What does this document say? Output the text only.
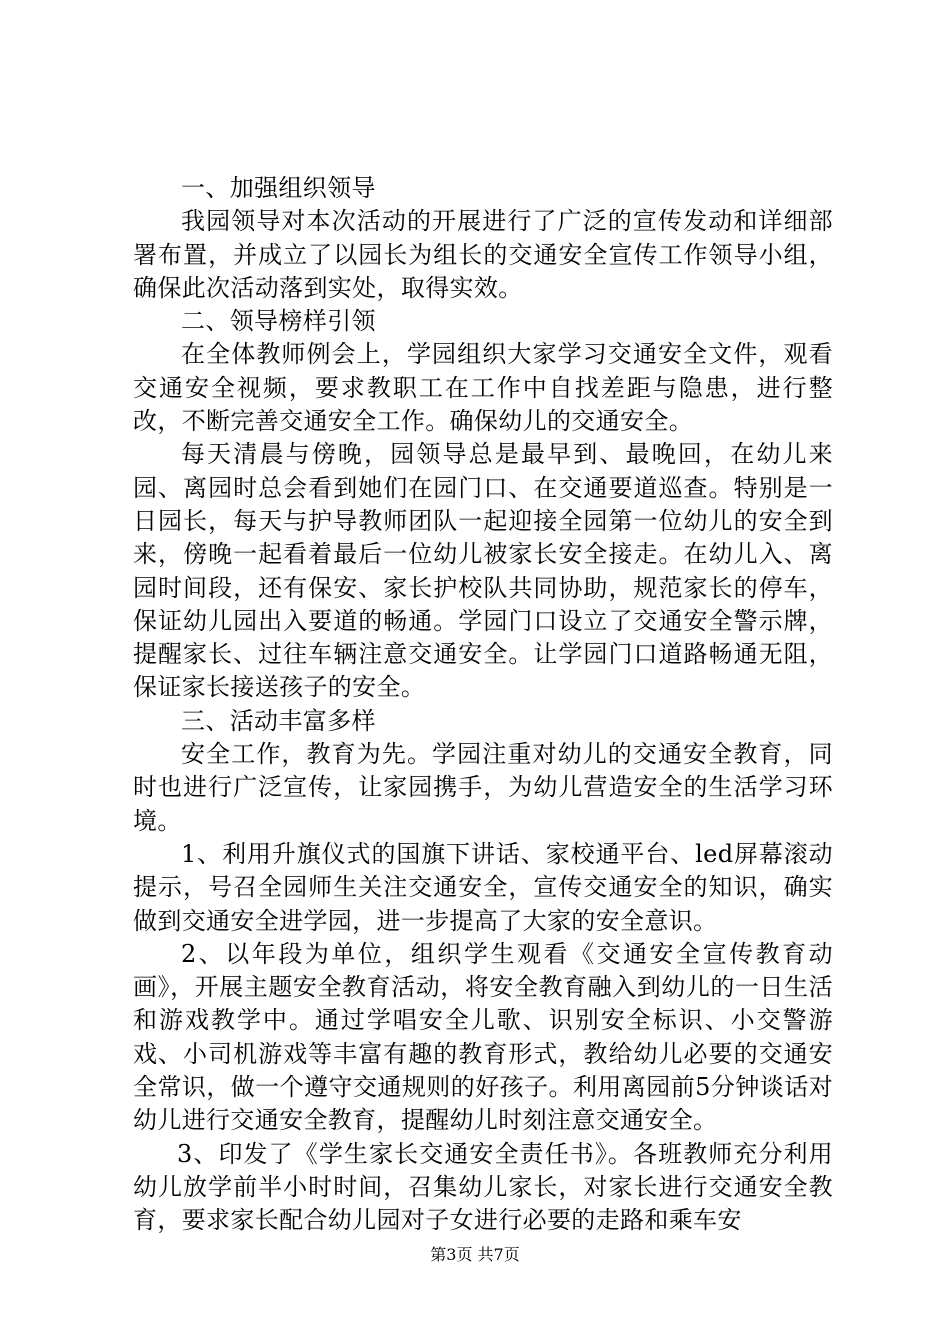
一、加强组织领导

我园领导对本次活动的开展进行了广泛的宣传发动和详细部署布置，并成立了以园长为组长的交通安全宣传工作领导小组，确保此次活动落到实处，取得实效。

二、领导榜样引领

在全体教师例会上，学园组织大家学习交通安全文件，观看交通安全视频，要求教职工在工作中自找差距与隐患，进行整改，不断完善交通安全工作。确保幼儿的交通安全。

每天清晨与傍晚，园领导总是最早到、最晚回，在幼儿来园、离园时总会看到她们在园门口、在交通要道巡查。特别是一日园长，每天与护导教师团队一起迎接全园第一位幼儿的安全到来，傍晚一起看着最后一位幼儿被家长安全接走。在幼儿入、离园时间段，还有保安、家长护校队共同协助，规范家长的停车，保证幼儿园出入要道的畅通。学园门口设立了交通安全警示牌，提醒家长、过往车辆注意交通安全。让学园门口道路畅通无阻，保证家长接送孩子的安全。

三、活动丰富多样

安全工作，教育为先。学园注重对幼儿的交通安全教育，同时也进行广泛宣传，让家园携手，为幼儿营造安全的生活学习环境。

1、利用升旗仪式的国旗下讲话、家校通平台、led屏幕滚动提示，号召全园师生关注交通安全，宣传交通安全的知识，确实做到交通安全进学园，进一步提高了大家的安全意识。

2、以年段为单位，组织学生观看《交通安全宣传教育动画》，开展主题安全教育活动，将安全教育融入到幼儿的一日生活和游戏教学中。通过学唱安全儿歌、识别安全标识、小交警游戏、小司机游戏等丰富有趣的教育形式，教给幼儿必要的交通安全常识，做一个遵守交通规则的好孩子。利用离园前5分钟谈话对幼儿进行交通安全教育，提醒幼儿时刻注意交通安全。

3、印发了《学生家长交通安全责任书》。各班教师充分利用幼儿放学前半小时时间，召集幼儿家长，对家长进行交通安全教育，要求家长配合幼儿园对子女进行必要的走路和乘车安

第3页 共7页
